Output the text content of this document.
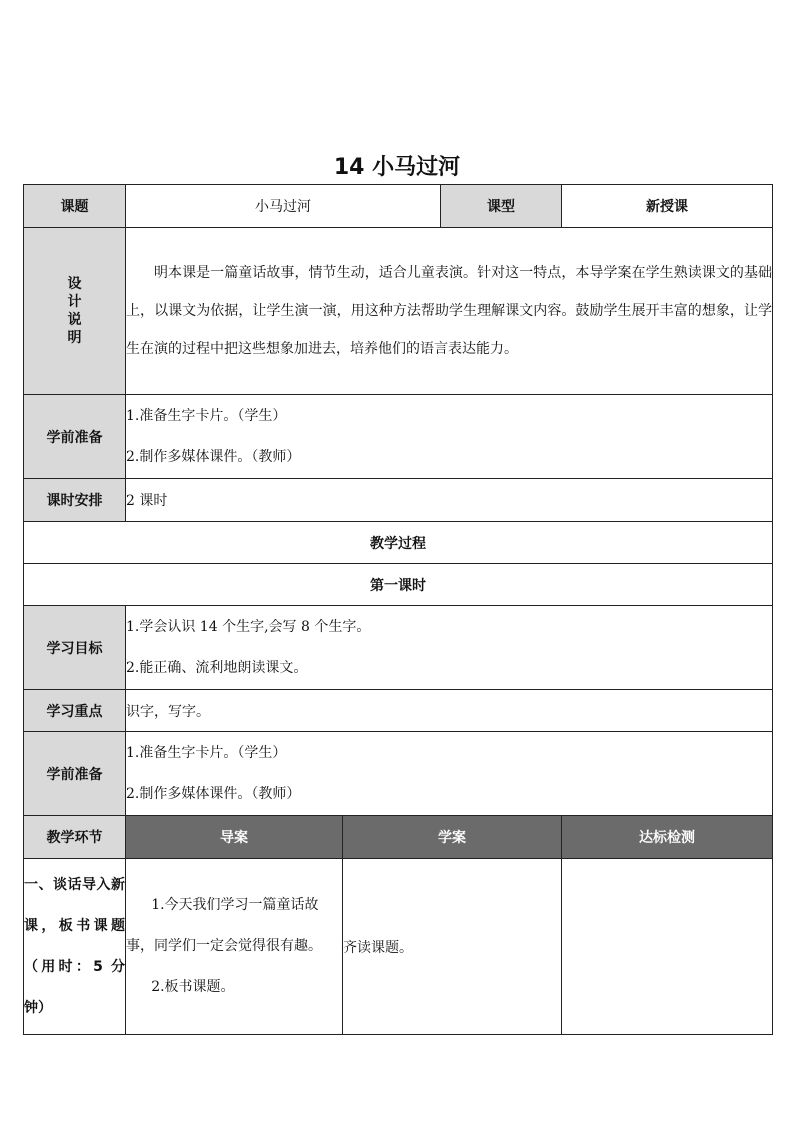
14 小马过河
课题	小马过河		课型	新授课

设
计
说
明	明本课是一篇童话故事，情节生动，适合儿童表演。针对这一特点，本导学案在学生熟读课文的基础上，以课文为依据，让学生演一演，用这种方法帮助学生理解课文内容。鼓励学生展开丰富的想象，让学生在演的过程中把这些想象加进去，培养他们的语言表达能力。			
学前准备	1.准备生字卡片。（学生）
2.制作多媒体课件。（教师）			

课时安排	2 课时			
教学过程				
第一课时				
学习目标	1.学会认识 14 个生字,会写 8 个生字。
2.能正确、流利地朗读课文。			

学习重点	识字，写字。			
学前准备	1.准备生字卡片。（学生）
2.制作多媒体课件。（教师）			

教学环节	导案	学案		达标检测
一、谈话导入新课，板书课题（用时：5 分钟）	1.今天我们学习一篇童话故事，同学们一定会觉得很有趣。
2.板书课题。	齐读课题。		
